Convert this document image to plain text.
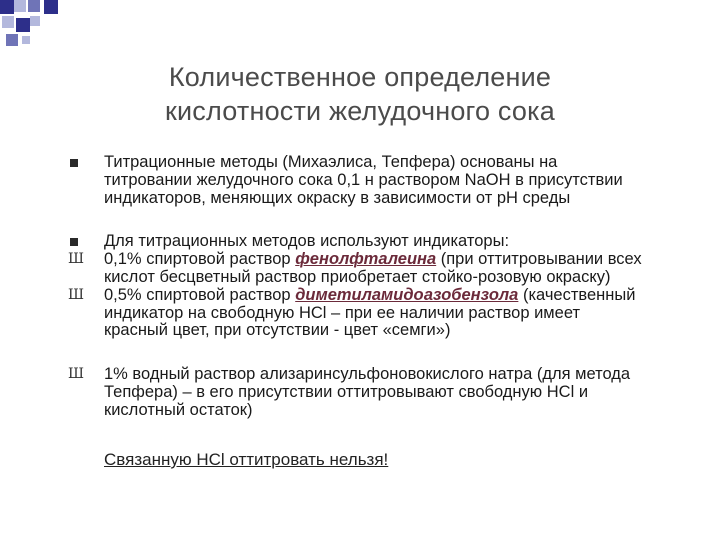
Количественное определение
кислотности желудочного сока
Титрационные методы (Михаэлиса, Тепфера) основаны на
титровании желудочного сока 0,1 н раствором NaOH в присутствии
индикаторов, меняющих окраску в зависимости от pH среды
Для титрационных методов используют индикаторы:
Ш 0,1% спиртовой раствор фенолфталеина (при оттитровывании всех
кислот бесцветный раствор приобретает стойко-розовую окраску)
Ш 0,5% спиртовой раствор диметиламидоазобензола (качественный
индикатор на свободную HCl – при ее наличии раствор имеет
красный цвет, при отсутствии - цвет «семги»)
Ш 1% водный раствор ализаринсульфоновокислого натра (для метода
Тепфера) – в его присутствии оттитровывают свободную HCl и
кислотный остаток)
Связанную HCl оттитровать нельзя!
